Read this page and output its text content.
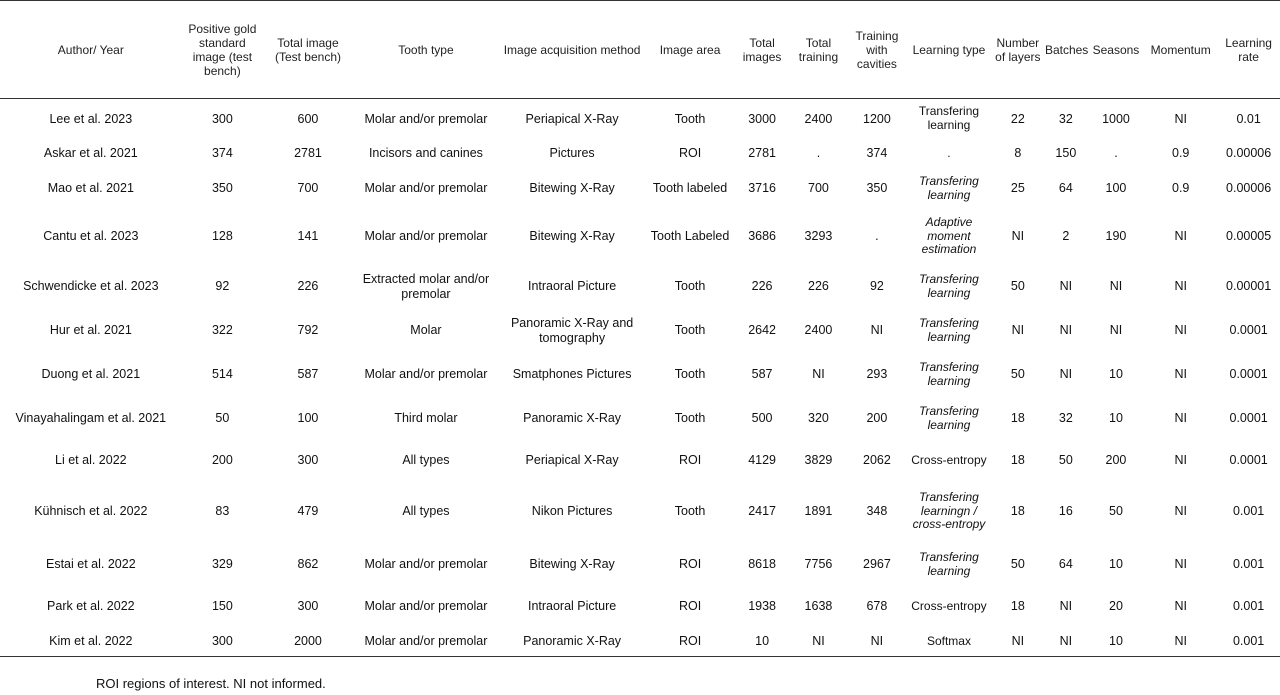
Author/ Year	Positive gold standard image (test bench)	Total image (Test bench)	Tooth type	Image acquisition method	Image area	Total images	Total training	Training with cavities	Learning type	Number of layers	Batches	Seasons	Momentum	Learning rate
Lee et al. 2023	300	600	Molar and/or premolar	Periapical X-Ray	Tooth	3000	2400	1200	Transfering learning	22	32	1000	NI	0.01
Askar et al. 2021	374	2781	Incisors and canines	Pictures	ROI	2781	.	374	.	8	150	.	0.9	0.00006
Mao et al. 2021	350	700	Molar and/or premolar	Bitewing X-Ray	Tooth labeled	3716	700	350	Transfering learning	25	64	100	0.9	0.00006
Cantu et al. 2023	128	141	Molar and/or premolar	Bitewing X-Ray	Tooth Labeled	3686	3293	.	Adaptive moment estimation	NI	2	190	NI	0.00005
Schwendicke et al. 2023	92	226	Extracted molar and/or premolar	Intraoral Picture	Tooth	226	226	92	Transfering learning	50	NI	NI	NI	0.00001
Hur et al. 2021	322	792	Molar	Panoramic X-Ray and tomography	Tooth	2642	2400	NI	Transfering learning	NI	NI	NI	NI	0.0001
Duong et al. 2021	514	587	Molar and/or premolar	Smatphones Pictures	Tooth	587	NI	293	Transfering learning	50	NI	10	NI	0.0001
Vinayahalingam et al. 2021	50	100	Third molar	Panoramic X-Ray	Tooth	500	320	200	Transfering learning	18	32	10	NI	0.0001
Li et al. 2022	200	300	All types	Periapical X-Ray	ROI	4129	3829	2062	Cross-entropy	18	50	200	NI	0.0001
Kühnisch et al. 2022	83	479	All types	Nikon Pictures	Tooth	2417	1891	348	Transfering learningn / cross-entropy	18	16	50	NI	0.001
Estai et al. 2022	329	862	Molar and/or premolar	Bitewing X-Ray	ROI	8618	7756	2967	Transfering learning	50	64	10	NI	0.001
Park et al. 2022	150	300	Molar and/or premolar	Intraoral Picture	ROI	1938	1638	678	Cross-entropy	18	NI	20	NI	0.001
Kim et al. 2022	300	2000	Molar and/or premolar	Panoramic X-Ray	ROI	10	NI	NI	Softmax	NI	NI	10	NI	0.001
ROI regions of interest. NI not informed.
